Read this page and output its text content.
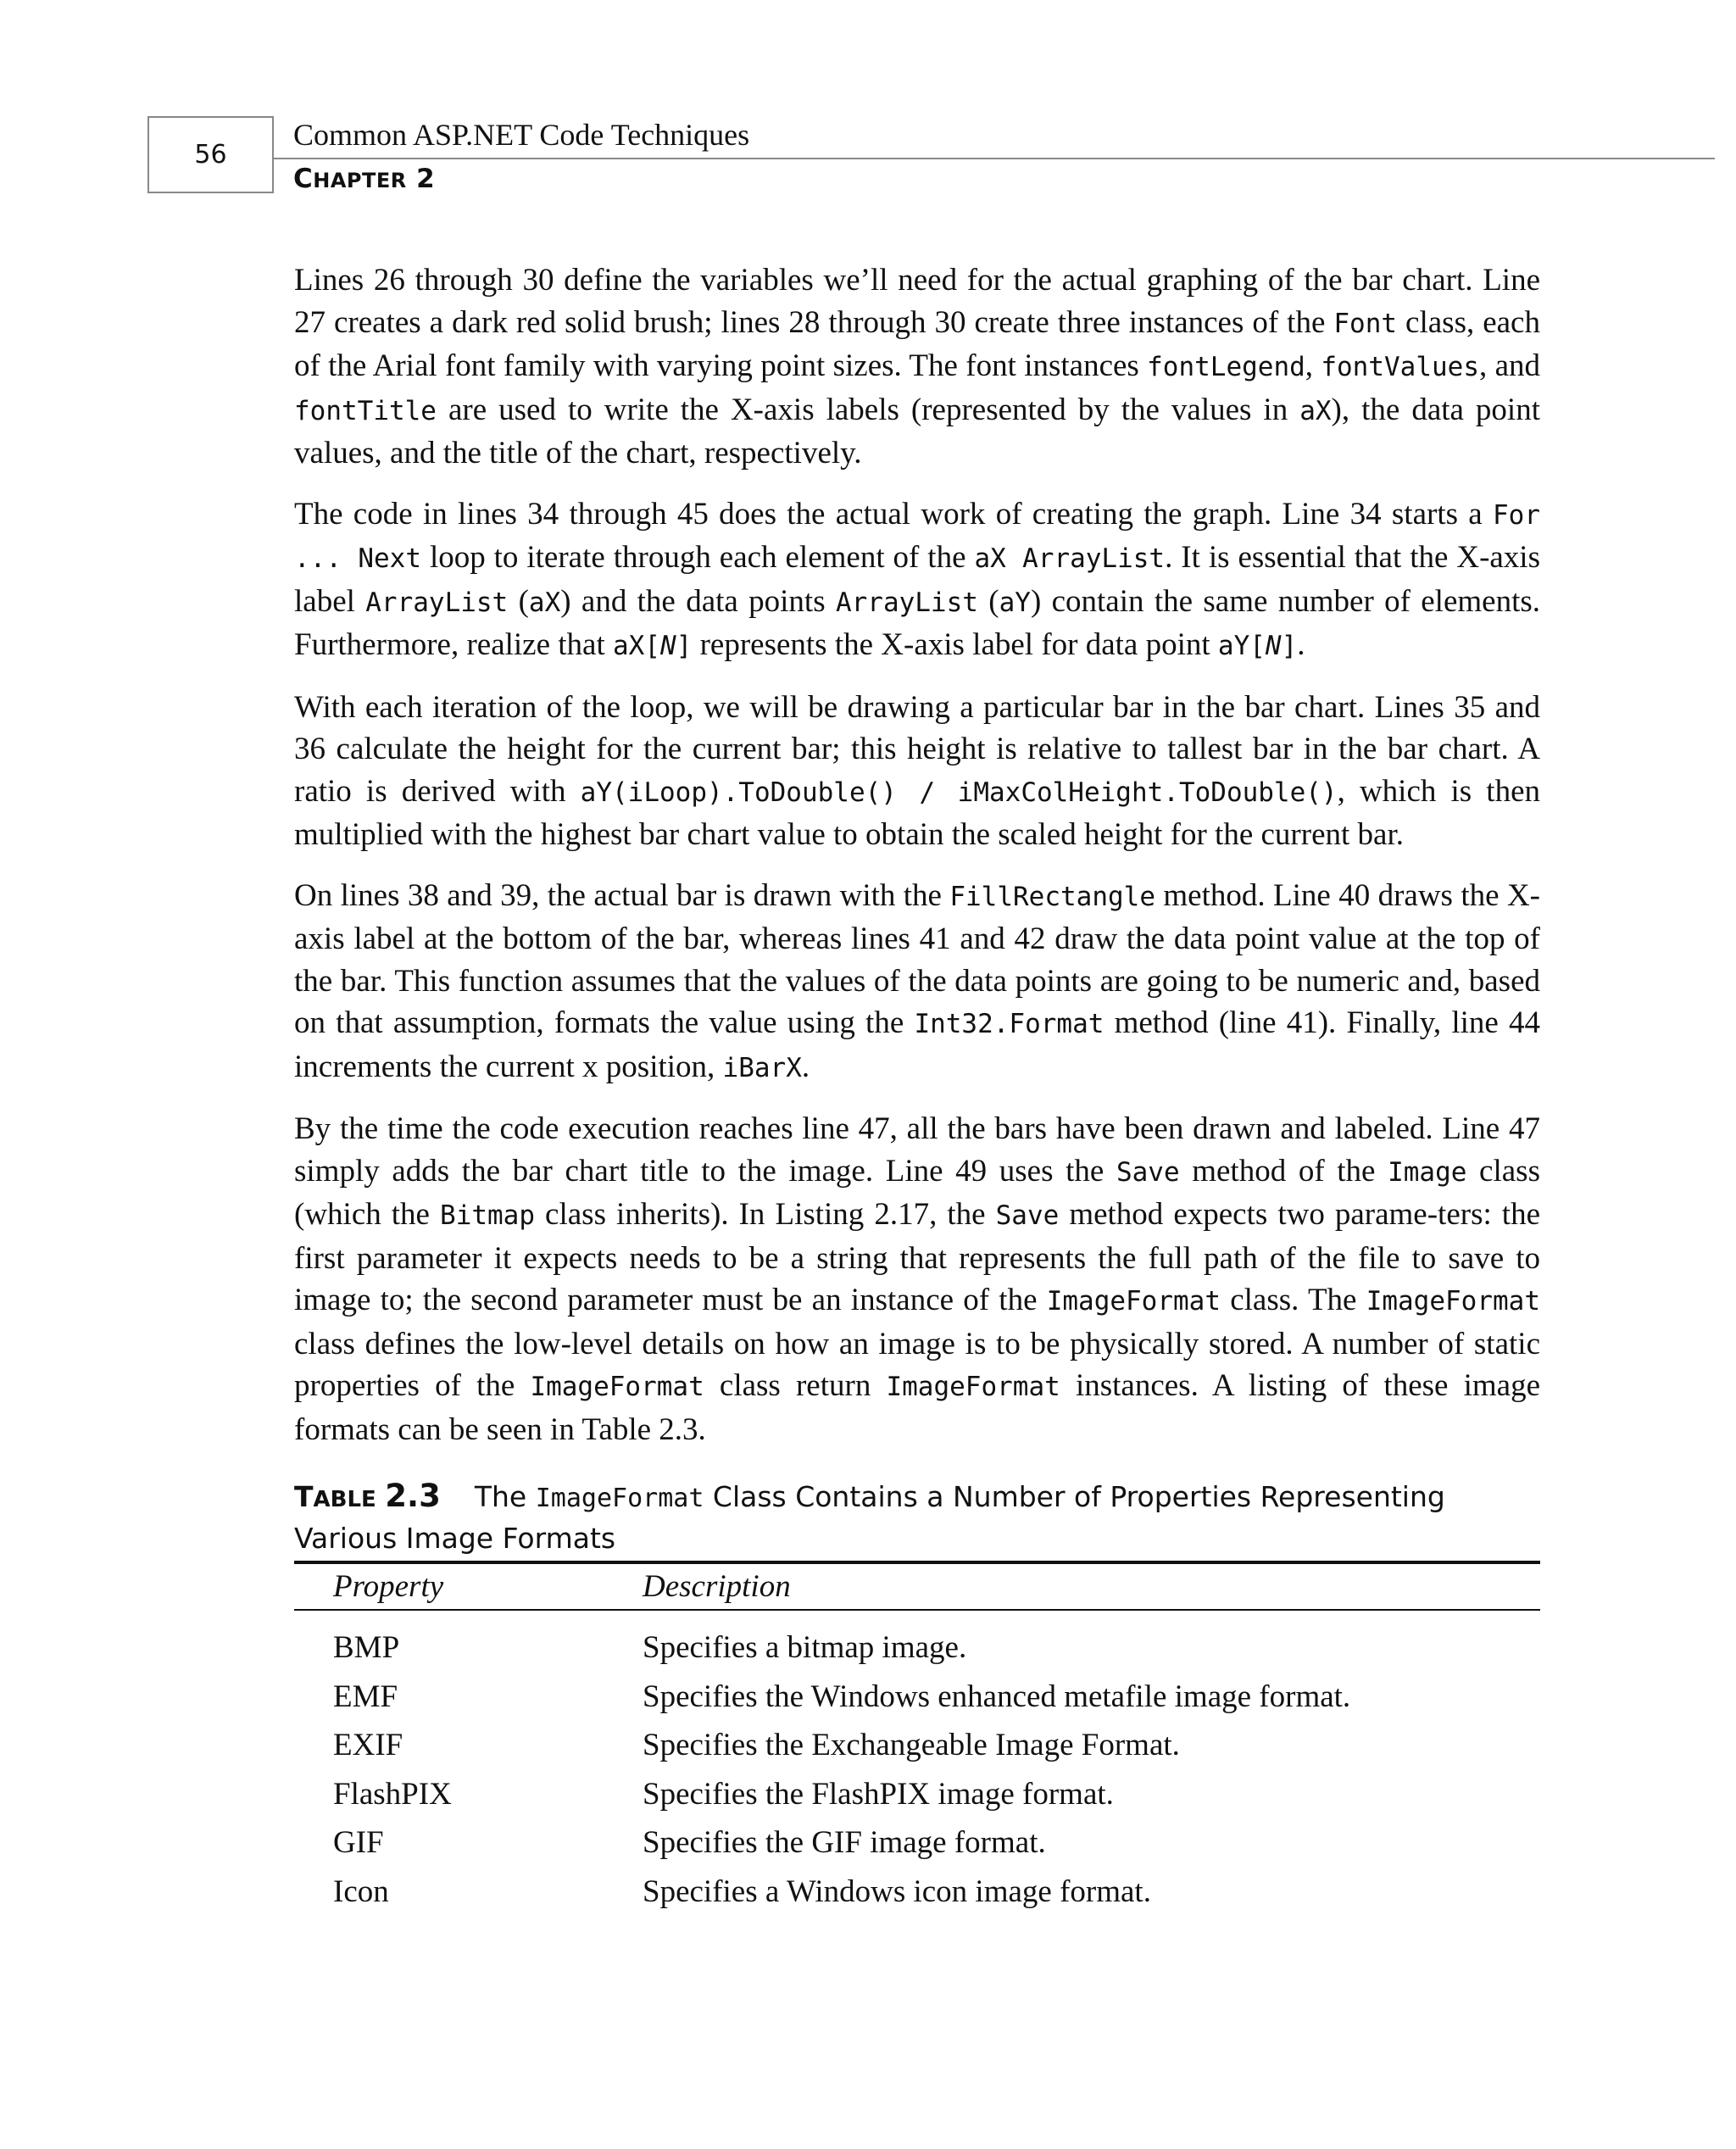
56
Common ASP.NET Code Techniques
CHAPTER 2

Lines 26 through 30 define the variables we’ll need for the actual graphing of the bar chart. Line 27 creates a dark red solid brush; lines 28 through 30 create three instances of the Font class, each of the Arial font family with varying point sizes. The font instances fontLegend, fontValues, and fontTitle are used to write the X-axis labels (represented by the values in aX), the data point values, and the title of the chart, respectively.

The code in lines 34 through 45 does the actual work of creating the graph. Line 34 starts a For ... Next loop to iterate through each element of the aX ArrayList. It is essential that the X-axis label ArrayList (aX) and the data points ArrayList (aY) contain the same number of elements. Furthermore, realize that aX[N] represents the X-axis label for data point aY[N].

With each iteration of the loop, we will be drawing a particular bar in the bar chart. Lines 35 and 36 calculate the height for the current bar; this height is relative to tallest bar in the bar chart. A ratio is derived with aY(iLoop).ToDouble() / iMaxColHeight.ToDouble(), which is then multiplied with the highest bar chart value to obtain the scaled height for the current bar.

On lines 38 and 39, the actual bar is drawn with the FillRectangle method. Line 40 draws the X-axis label at the bottom of the bar, whereas lines 41 and 42 draw the data point value at the top of the bar. This function assumes that the values of the data points are going to be numeric and, based on that assumption, formats the value using the Int32.Format method (line 41). Finally, line 44 increments the current x position, iBarX.

By the time the code execution reaches line 47, all the bars have been drawn and labeled. Line 47 simply adds the bar chart title to the image. Line 49 uses the Save method of the Image class (which the Bitmap class inherits). In Listing 2.17, the Save method expects two parame-ters: the first parameter it expects needs to be a string that represents the full path of the file to save to image to; the second parameter must be an instance of the ImageFormat class. The ImageFormat class defines the low-level details on how an image is to be physically stored. A number of static properties of the ImageFormat class return ImageFormat instances. A listing of these image formats can be seen in Table 2.3.

TABLE 2.3 The ImageFormat Class Contains a Number of Properties Representing Various Image Formats
Property	Description
BMP	Specifies a bitmap image.
EMF	Specifies the Windows enhanced metafile image format.
EXIF	Specifies the Exchangeable Image Format.
FlashPIX	Specifies the FlashPIX image format.
GIF	Specifies the GIF image format.
Icon	Specifies a Windows icon image format.
